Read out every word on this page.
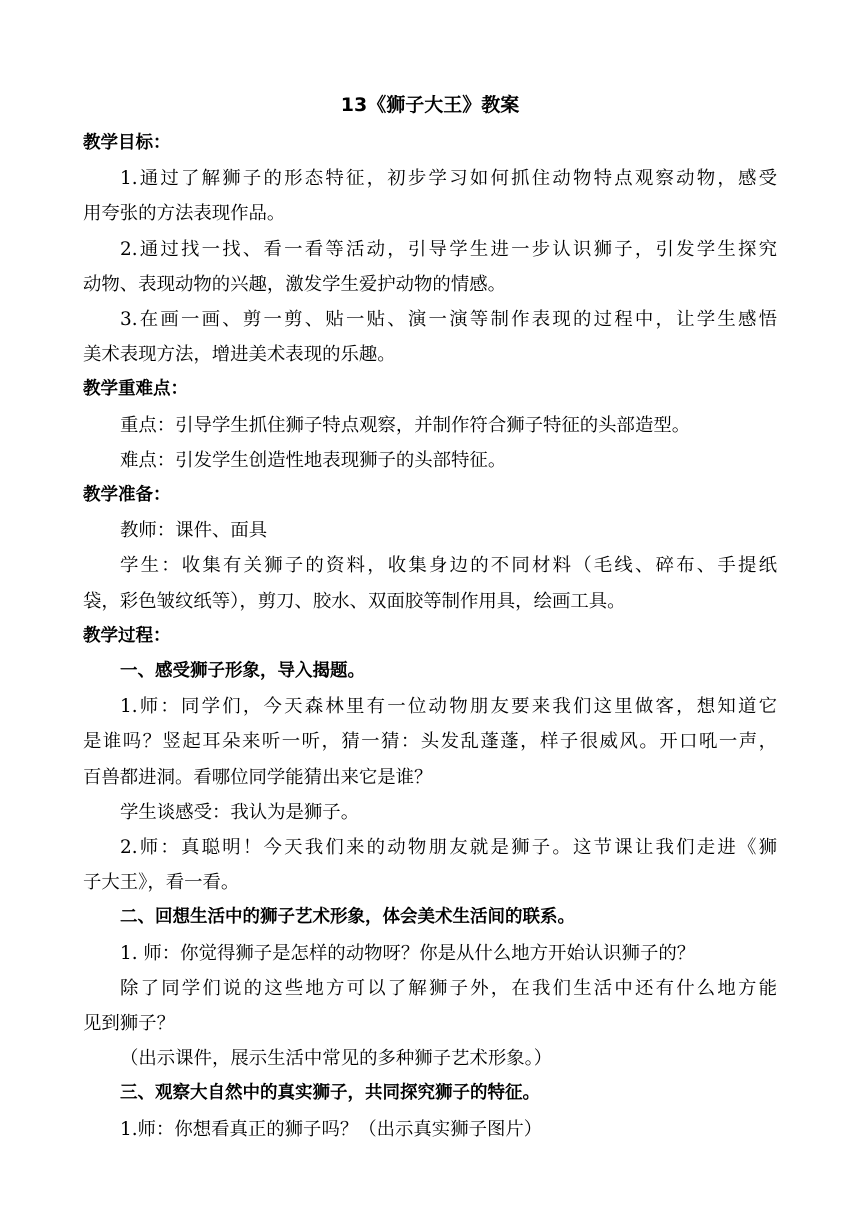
13《狮子大王》教案

教学目标：

1.通过了解狮子的形态特征，初步学习如何抓住动物特点观察动物，感受

用夸张的方法表现作品。

2.通过找一找、看一看等活动，引导学生进一步认识狮子，引发学生探究

动物、表现动物的兴趣，激发学生爱护动物的情感。

3.在画一画、剪一剪、贴一贴、演一演等制作表现的过程中，让学生感悟

美术表现方法，增进美术表现的乐趣。

教学重难点：

重点：引导学生抓住狮子特点观察，并制作符合狮子特征的头部造型。

难点：引发学生创造性地表现狮子的头部特征。

教学准备：

教师：课件、面具

学生：收集有关狮子的资料，收集身边的不同材料（毛线、碎布、手提纸

袋，彩色皱纹纸等），剪刀、胶水、双面胶等制作用具，绘画工具。

教学过程：

一、感受狮子形象，导入揭题。

1.师：同学们，今天森林里有一位动物朋友要来我们这里做客，想知道它

是谁吗？竖起耳朵来听一听，猜一猜：头发乱蓬蓬，样子很威风。开口吼一声，

百兽都进洞。看哪位同学能猜出来它是谁？

学生谈感受：我认为是狮子。

2.师：真聪明！今天我们来的动物朋友就是狮子。这节课让我们走进《狮

子大王》，看一看。

二、回想生活中的狮子艺术形象，体会美术生活间的联系。

1. 师：你觉得狮子是怎样的动物呀？你是从什么地方开始认识狮子的？

除了同学们说的这些地方可以了解狮子外，在我们生活中还有什么地方能

见到狮子？

（出示课件，展示生活中常见的多种狮子艺术形象。）

三、观察大自然中的真实狮子，共同探究狮子的特征。

1.师：你想看真正的狮子吗？（出示真实狮子图片）
